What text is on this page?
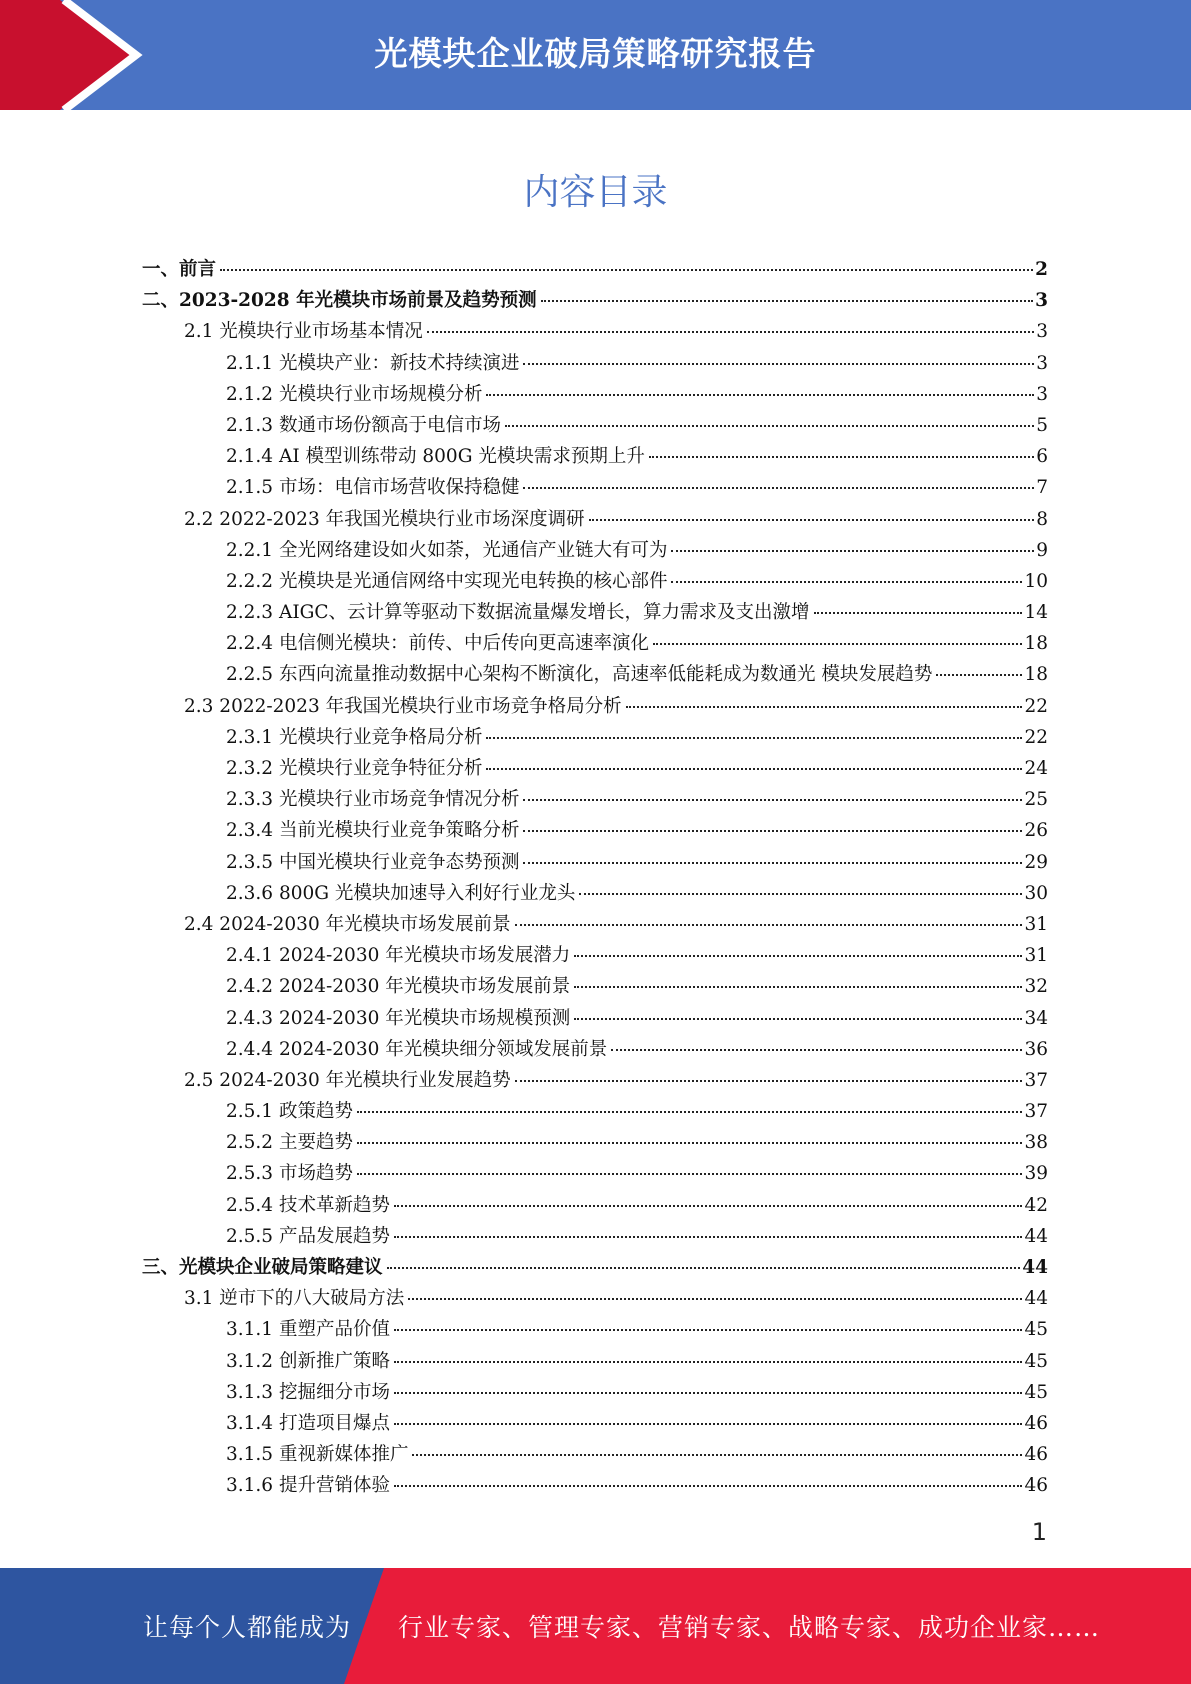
光模块企业破局策略研究报告
内容目录
一、前言	2
二、2023-2028 年光模块市场前景及趋势预测	3
2.1 光模块行业市场基本情况	3
2.1.1 光模块产业：新技术持续演进	3
2.1.2 光模块行业市场规模分析	3
2.1.3 数通市场份额高于电信市场	5
2.1.4 AI 模型训练带动 800G 光模块需求预期上升	6
2.1.5 市场：电信市场营收保持稳健	7
2.2 2022-2023 年我国光模块行业市场深度调研	8
2.2.1 全光网络建设如火如荼，光通信产业链大有可为	9
2.2.2 光模块是光通信网络中实现光电转换的核心部件	10
2.2.3 AIGC、云计算等驱动下数据流量爆发增长，算力需求及支出激增	14
2.2.4 电信侧光模块：前传、中后传向更高速率演化	18
2.2.5 东西向流量推动数据中心架构不断演化，高速率低能耗成为数通光 模块发展趋势	18
2.3 2022-2023 年我国光模块行业市场竞争格局分析	22
2.3.1 光模块行业竞争格局分析	22
2.3.2 光模块行业竞争特征分析	24
2.3.3 光模块行业市场竞争情况分析	25
2.3.4 当前光模块行业竞争策略分析	26
2.3.5 中国光模块行业竞争态势预测	29
2.3.6 800G 光模块加速导入利好行业龙头	30
2.4 2024-2030 年光模块市场发展前景	31
2.4.1 2024-2030 年光模块市场发展潜力	31
2.4.2 2024-2030 年光模块市场发展前景	32
2.4.3 2024-2030 年光模块市场规模预测	34
2.4.4 2024-2030 年光模块细分领域发展前景	36
2.5 2024-2030 年光模块行业发展趋势	37
2.5.1 政策趋势	37
2.5.2 主要趋势	38
2.5.3 市场趋势	39
2.5.4 技术革新趋势	42
2.5.5 产品发展趋势	44
三、光模块企业破局策略建议	44
3.1 逆市下的八大破局方法	44
3.1.1 重塑产品价值	45
3.1.2 创新推广策略	45
3.1.3 挖掘细分市场	45
3.1.4 打造项目爆点	46
3.1.5 重视新媒体推广	46
3.1.6 提升营销体验	46
1
让每个人都能成为 行业专家、管理专家、营销专家、战略专家、成功企业家……
